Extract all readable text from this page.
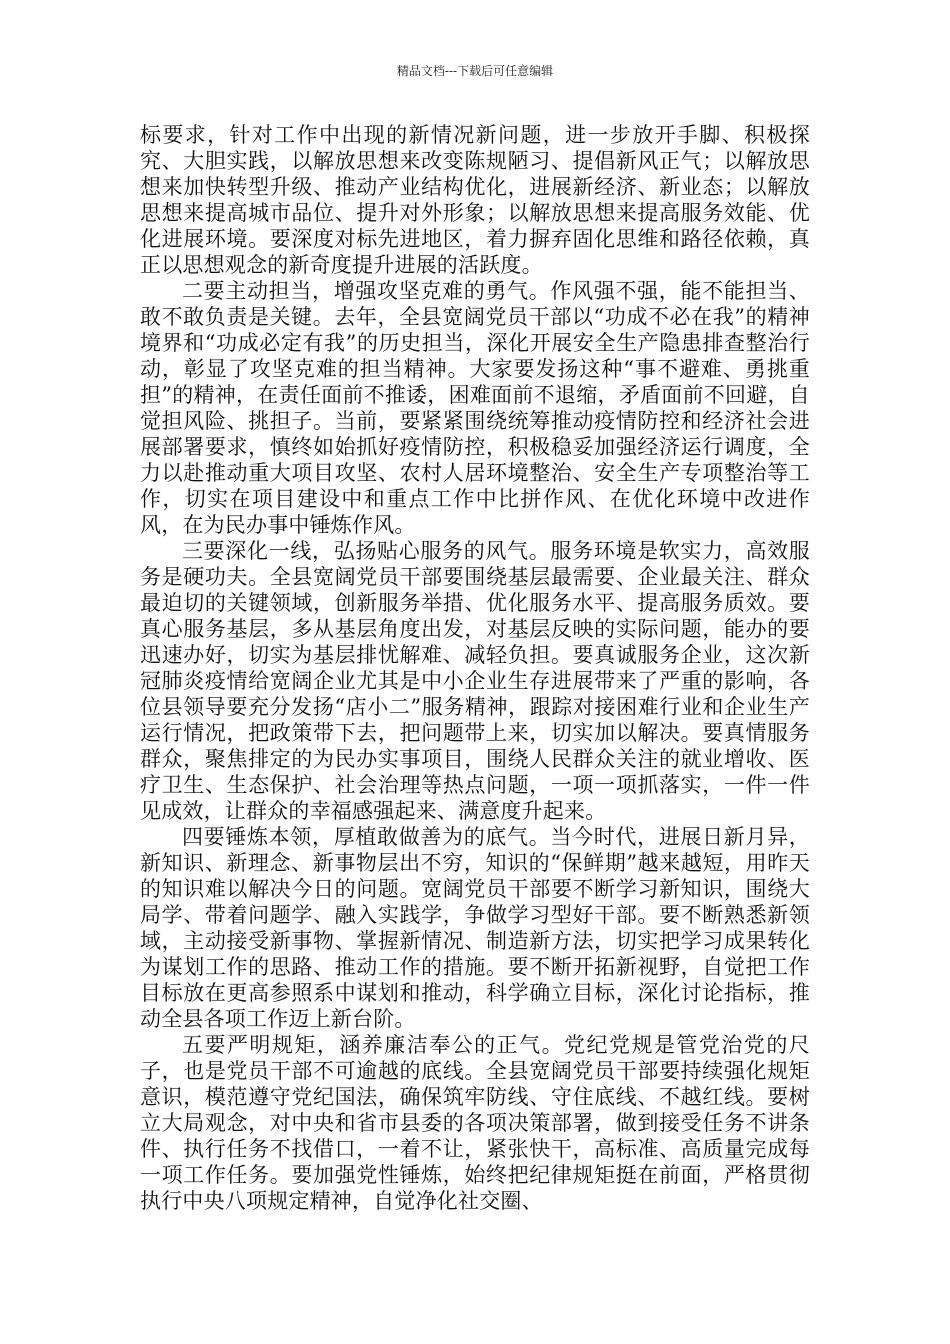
精品文档---下载后可任意编辑

标要求，针对工作中出现的新情况新问题，进一步放开手脚、积极探究、大胆实践，以解放思想来改变陈规陋习、提倡新风正气；以解放思想来加快转型升级、推动产业结构优化，进展新经济、新业态；以解放思想来提高城市品位、提升对外形象；以解放思想来提高服务效能、优化进展环境。要深度对标先进地区，着力摒弃固化思维和路径依赖，真正以思想观念的新奇度提升进展的活跃度。

二要主动担当，增强攻坚克难的勇气。作风强不强，能不能担当、敢不敢负责是关键。去年，全县宽阔党员干部以“功成不必在我”的精神境界和“功成必定有我”的历史担当，深化开展安全生产隐患排查整治行动，彰显了攻坚克难的担当精神。大家要发扬这种“事不避难、勇挑重担”的精神，在责任面前不推诿，困难面前不退缩，矛盾面前不回避，自觉担风险、挑担子。当前，要紧紧围绕统筹推动疫情防控和经济社会进展部署要求，慎终如始抓好疫情防控，积极稳妥加强经济运行调度，全力以赴推动重大项目攻坚、农村人居环境整治、安全生产专项整治等工作，切实在项目建设中和重点工作中比拼作风、在优化环境中改进作风，在为民办事中锤炼作风。

三要深化一线，弘扬贴心服务的风气。服务环境是软实力，高效服务是硬功夫。全县宽阔党员干部要围绕基层最需要、企业最关注、群众最迫切的关键领域，创新服务举措、优化服务水平、提高服务质效。要真心服务基层，多从基层角度出发，对基层反映的实际问题，能办的要迅速办好，切实为基层排忧解难、减轻负担。要真诚服务企业，这次新冠肺炎疫情给宽阔企业尤其是中小企业生存进展带来了严重的影响，各位县领导要充分发扬“店小二”服务精神，跟踪对接困难行业和企业生产运行情况，把政策带下去，把问题带上来，切实加以解决。要真情服务群众，聚焦排定的为民办实事项目，围绕人民群众关注的就业增收、医疗卫生、生态保护、社会治理等热点问题，一项一项抓落实，一件一件见成效，让群众的幸福感强起来、满意度升起来。

四要锤炼本领，厚植敢做善为的底气。当今时代，进展日新月异，新知识、新理念、新事物层出不穷，知识的“保鲜期”越来越短，用昨天的知识难以解决今日的问题。宽阔党员干部要不断学习新知识，围绕大局学、带着问题学、融入实践学，争做学习型好干部。要不断熟悉新领域，主动接受新事物、掌握新情况、制造新方法，切实把学习成果转化为谋划工作的思路、推动工作的措施。要不断开拓新视野，自觉把工作目标放在更高参照系中谋划和推动，科学确立目标，深化讨论指标，推动全县各项工作迈上新台阶。

五要严明规矩，涵养廉洁奉公的正气。党纪党规是管党治党的尺子，也是党员干部不可逾越的底线。全县宽阔党员干部要持续强化规矩意识，模范遵守党纪国法，确保筑牢防线、守住底线、不越红线。要树立大局观念，对中央和省市县委的各项决策部署，做到接受任务不讲条件、执行任务不找借口，一着不让，紧张快干，高标准、高质量完成每一项工作任务。要加强党性锤炼，始终把纪律规矩挺在前面，严格贯彻执行中央八项规定精神，自觉净化社交圈、
